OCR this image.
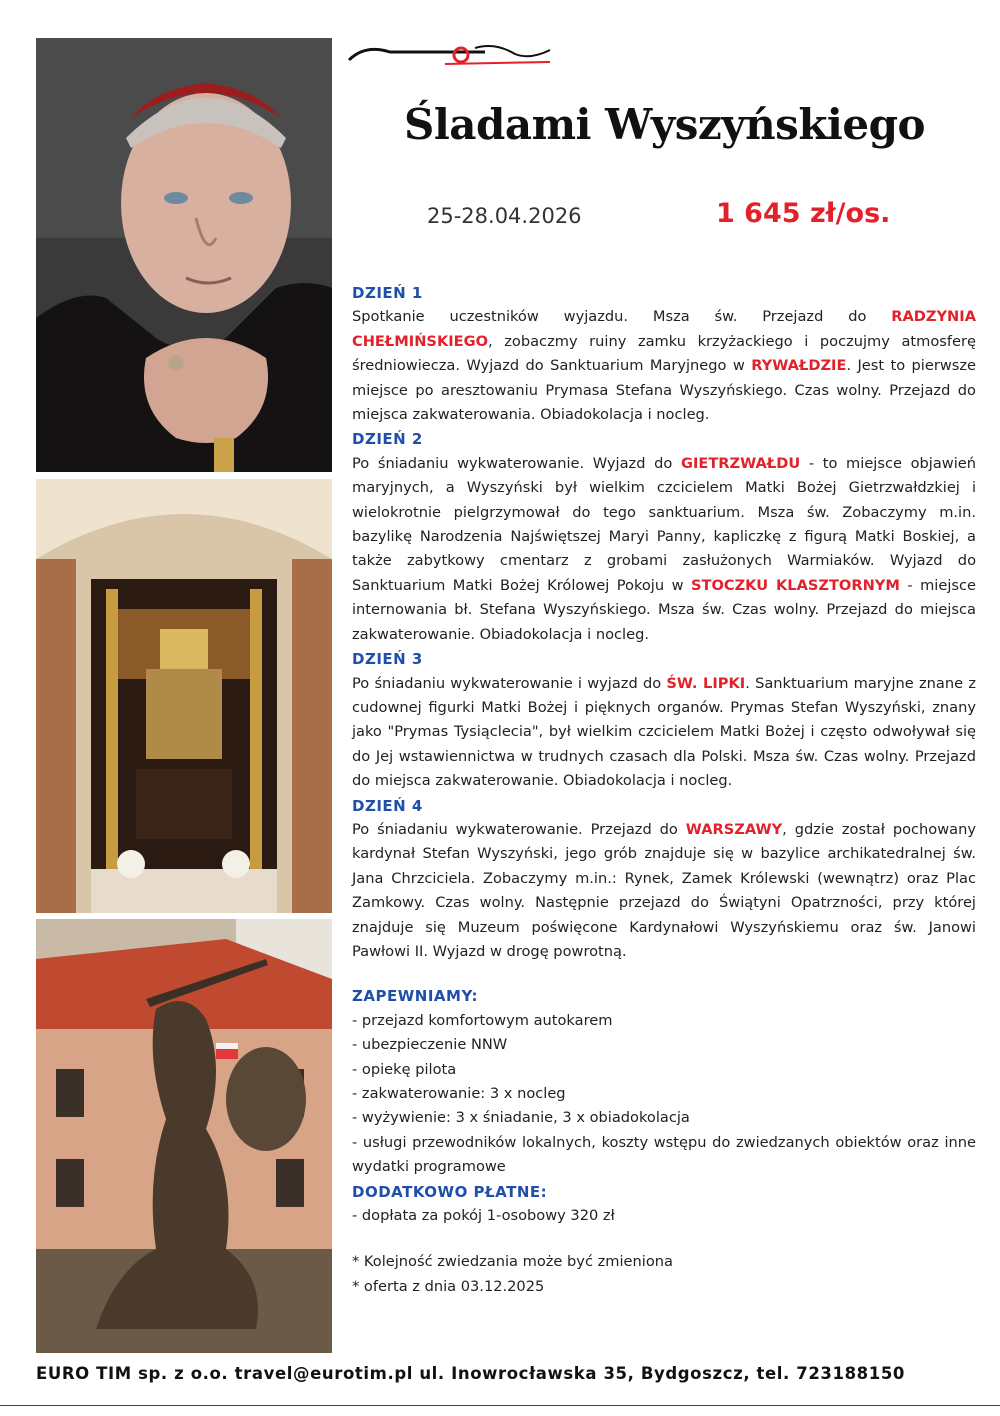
Śladami Wyszyńskiego
25-28.04.2026	1 645 zł/os.
DZIEŃ 1

Spotkanie uczestników wyjazdu. Msza św. Przejazd do RADZYNIA CHEŁMIŃSKIEGO, zobaczmy ruiny zamku krzyżackiego i poczujmy atmosferę średniowiecza. Wyjazd do Sanktuarium Maryjnego w RYWAŁDZIE. Jest to pierwsze miejsce po aresztowaniu Prymasa Stefana Wyszyńskiego. Czas wolny. Przejazd do miejsca zakwaterowania. Obiadokolacja i nocleg.

DZIEŃ 2

Po śniadaniu wykwaterowanie. Wyjazd do GIETRZWAŁDU - to miejsce objawień maryjnych, a Wyszyński był wielkim czcicielem Matki Bożej Gietrzwałdzkiej i wielokrotnie pielgrzymował do tego sanktuarium. Msza św. Zobaczymy m.in. bazylikę Narodzenia Najświętszej Maryi Panny, kapliczkę z figurą Matki Boskiej, a także zabytkowy cmentarz z grobami zasłużonych Warmiaków. Wyjazd do Sanktuarium Matki Bożej Królowej Pokoju w STOCZKU KLASZTORNYM - miejsce internowania bł. Stefana Wyszyńskiego. Msza św. Czas wolny. Przejazd do miejsca zakwaterowanie. Obiadokolacja i nocleg.

DZIEŃ 3

Po śniadaniu wykwaterowanie i wyjazd do ŚW. LIPKI. Sanktuarium maryjne znane z cudownej figurki Matki Bożej i pięknych organów. Prymas Stefan Wyszyński, znany jako "Prymas Tysiąclecia", był wielkim czcicielem Matki Bożej i często odwoływał się do Jej wstawiennictwa w trudnych czasach dla Polski. Msza św. Czas wolny. Przejazd do miejsca zakwaterowanie. Obiadokolacja i nocleg.

DZIEŃ 4

Po śniadaniu wykwaterowanie. Przejazd do WARSZAWY, gdzie został pochowany kardynał Stefan Wyszyński, jego grób znajduje się w bazylice archikatedralnej św. Jana Chrzciciela. Zobaczymy m.in.: Rynek, Zamek Królewski (wewnątrz) oraz Plac Zamkowy. Czas wolny. Następnie przejazd do Świątyni Opatrzności, przy której znajduje się Muzeum poświęcone Kardynałowi Wyszyńskiemu oraz św. Janowi Pawłowi II. Wyjazd w drogę powrotną.

ZAPEWNIAMY:
- przejazd komfortowym autokarem
- ubezpieczenie NNW
- opiekę pilota
- zakwaterowanie: 3 x nocleg
- wyżywienie: 3 x śniadanie, 3 x obiadokolacja
- usługi przewodników lokalnych, koszty wstępu do zwiedzanych obiektów oraz inne wydatki programowe
DODATKOWO PŁATNE:
- dopłata za pokój 1-osobowy 320 zł
* Kolejność zwiedzania może być zmieniona
* oferta z dnia 03.12.2025
EURO TIM sp. z o.o. travel@eurotim.pl ul. Inowrocławska 35, Bydgoszcz, tel. 723188150
